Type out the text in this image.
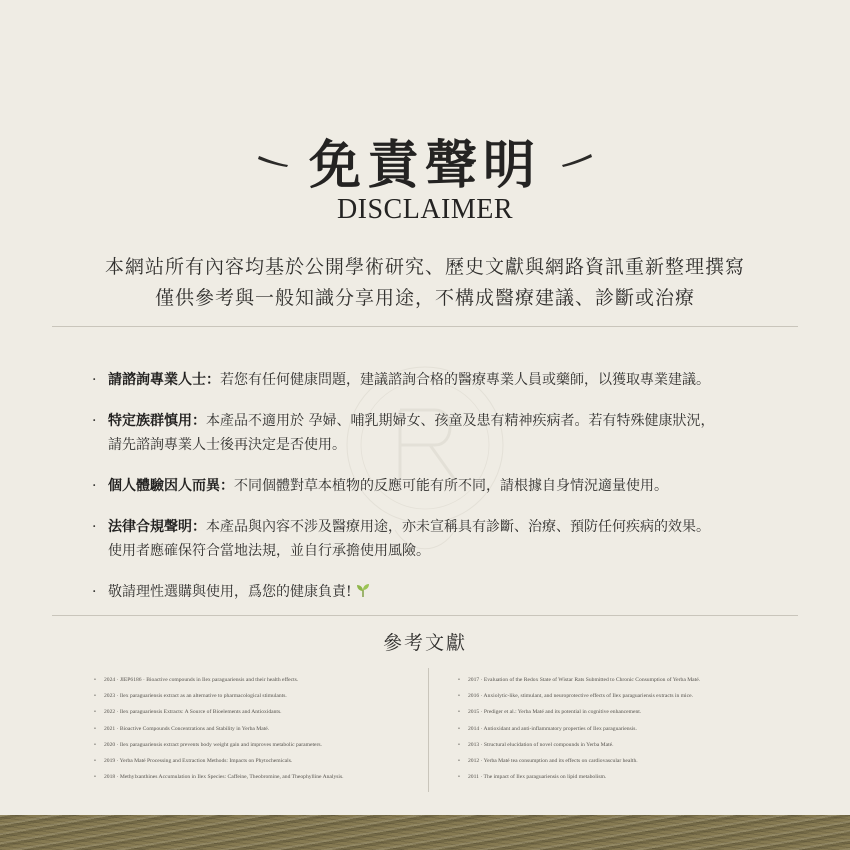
免責聲明
DISCLAIMER
本網站所有內容均基於公開學術研究、歷史文獻與網路資訊重新整理撰寫
僅供參考與一般知識分享用途，不構成醫療建議、診斷或治療
· 請諮詢專業人士：若您有任何健康問題，建議諮詢合格的醫療專業人員或藥師，以獲取專業建議。
· 特定族群慎用：本產品不適用於 孕婦、哺乳期婦女、孩童及患有精神疾病者。若有特殊健康狀況，
請先諮詢專業人士後再決定是否使用。
· 個人體驗因人而異：不同個體對草本植物的反應可能有所不同，請根據自身情況適量使用。
· 法律合規聲明：本產品與內容不涉及醫療用途，亦未宣稱具有診斷、治療、預防任何疾病的效果。
使用者應確保符合當地法規，並自行承擔使用風險。
· 敬請理性選購與使用，爲您的健康負責!
參考文獻
• 2024 · JIEP6186 · Bioactive compounds in Ilex paraguariensis and their health effects.
• 2023 · Ilex paraguariensis extract as an alternative to pharmacological stimulants.
• 2022 · Ilex paraguariensis Extracts: A Source of Bioelements and Antioxidants.
• 2021 · Bioactive Compounds Concentrations and Stability in Yerba Maté.
• 2020 · Ilex paraguariensis extract prevents body weight gain and improves metabolic parameters.
• 2019 · Yerba Maté Processing and Extraction Methods: Impacts on Phytochemicals.
• 2018 · Methylxanthines Accumulation in Ilex Species: Caffeine, Theobromine, and Theophylline Analysis.
• 2017 · Evaluation of the Redox State of Wistar Rats Submitted to Chronic Consumption of Yerba Maté.
• 2016 · Anxiolytic-like, stimulant, and neuroprotective effects of Ilex paraguariensis extracts in mice.
• 2015 · Prediger et al.: Yerba Maté and its potential in cognitive enhancement.
• 2014 · Antioxidant and anti-inflammatory properties of Ilex paraguariensis.
• 2013 · Structural elucidation of novel compounds in Yerba Maté.
• 2012 · Yerba Maté tea consumption and its effects on cardiovascular health.
• 2011 · The impact of Ilex paraguariensis on lipid metabolism.
